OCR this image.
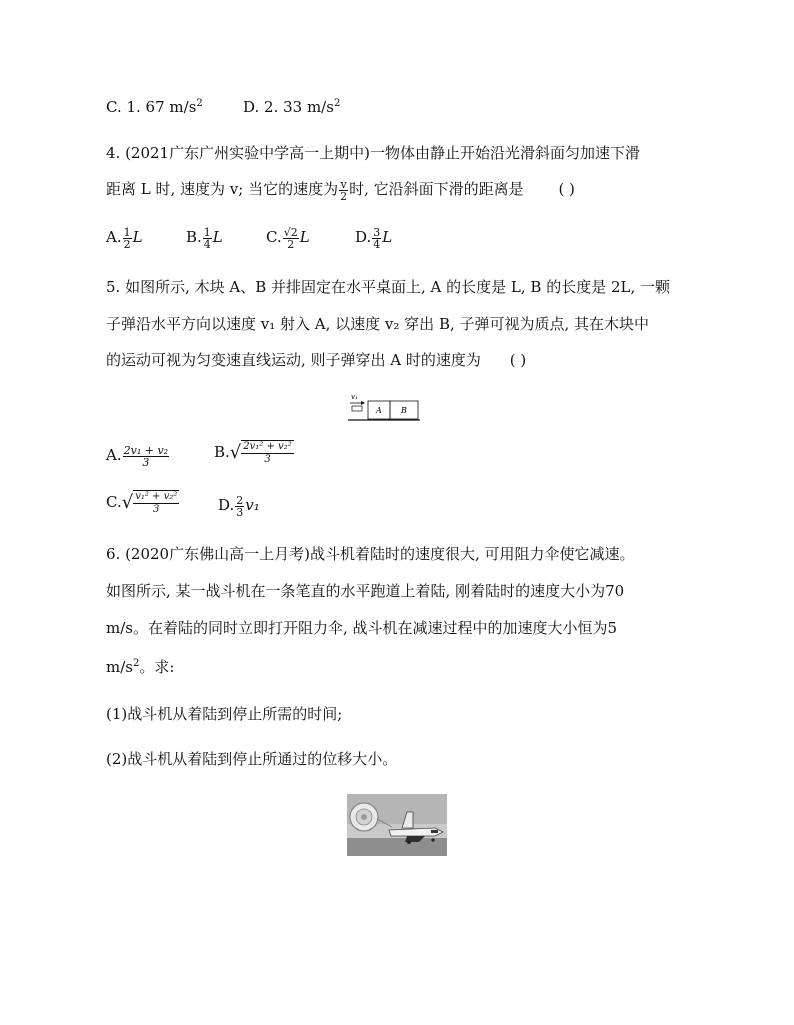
C. 1. 67 $m/s^2$	D. 2. 33 $m/s^2$
4. (2021广东广州实验中学高一上期中)一物体由静止开始沿光滑斜面匀加速下滑
距离 L 时, 速度为 v; 当它的速度为 $\frac{v}{2}$ 时, 它沿斜面下滑的距离是 ( )
A. $\frac{1}{2}$ L	B. $\frac{1}{4}$ L	C. $\frac{√2}{2}$ L	D. $\frac{3}{4}$ L
5. 如图所示, 木块 A、B 并排固定在水平桌面上, A 的长度是 L, B 的长度是 2L, 一颗
子弹沿水平方向以速度 v₁ 射入 A, 以速度 v₂ 穿出 B, 子弹可视为质点, 其在木块中
的运动可视为匀变速直线运动, 则子弹穿出 A 时的速度为 ( )
v₁
A B
A. $\frac{\text{2v₁ + v₂}}{3}$	$B.√ \frac{\text{2v₁² + v₂²}}{3}$
$C.√ \frac{\text{v₁² + v₂²}}{3}$	D. $\frac{2}{3} v_1$
6. (2020广东佛山高一上月考)战斗机着陆时的速度很大, 可用阻力伞使它减速。
如图所示, 某一战斗机在一条笔直的水平跑道上着陆, 刚着陆时的速度大小为70
m/s。在着陆的同时立即打开阻力伞, 战斗机在减速过程中的加速度大小恒为5
$m/s^2$。求:
(1)战斗机从着陆到停止所需的时间;
(2)战斗机从着陆到停止所通过的位移大小。
